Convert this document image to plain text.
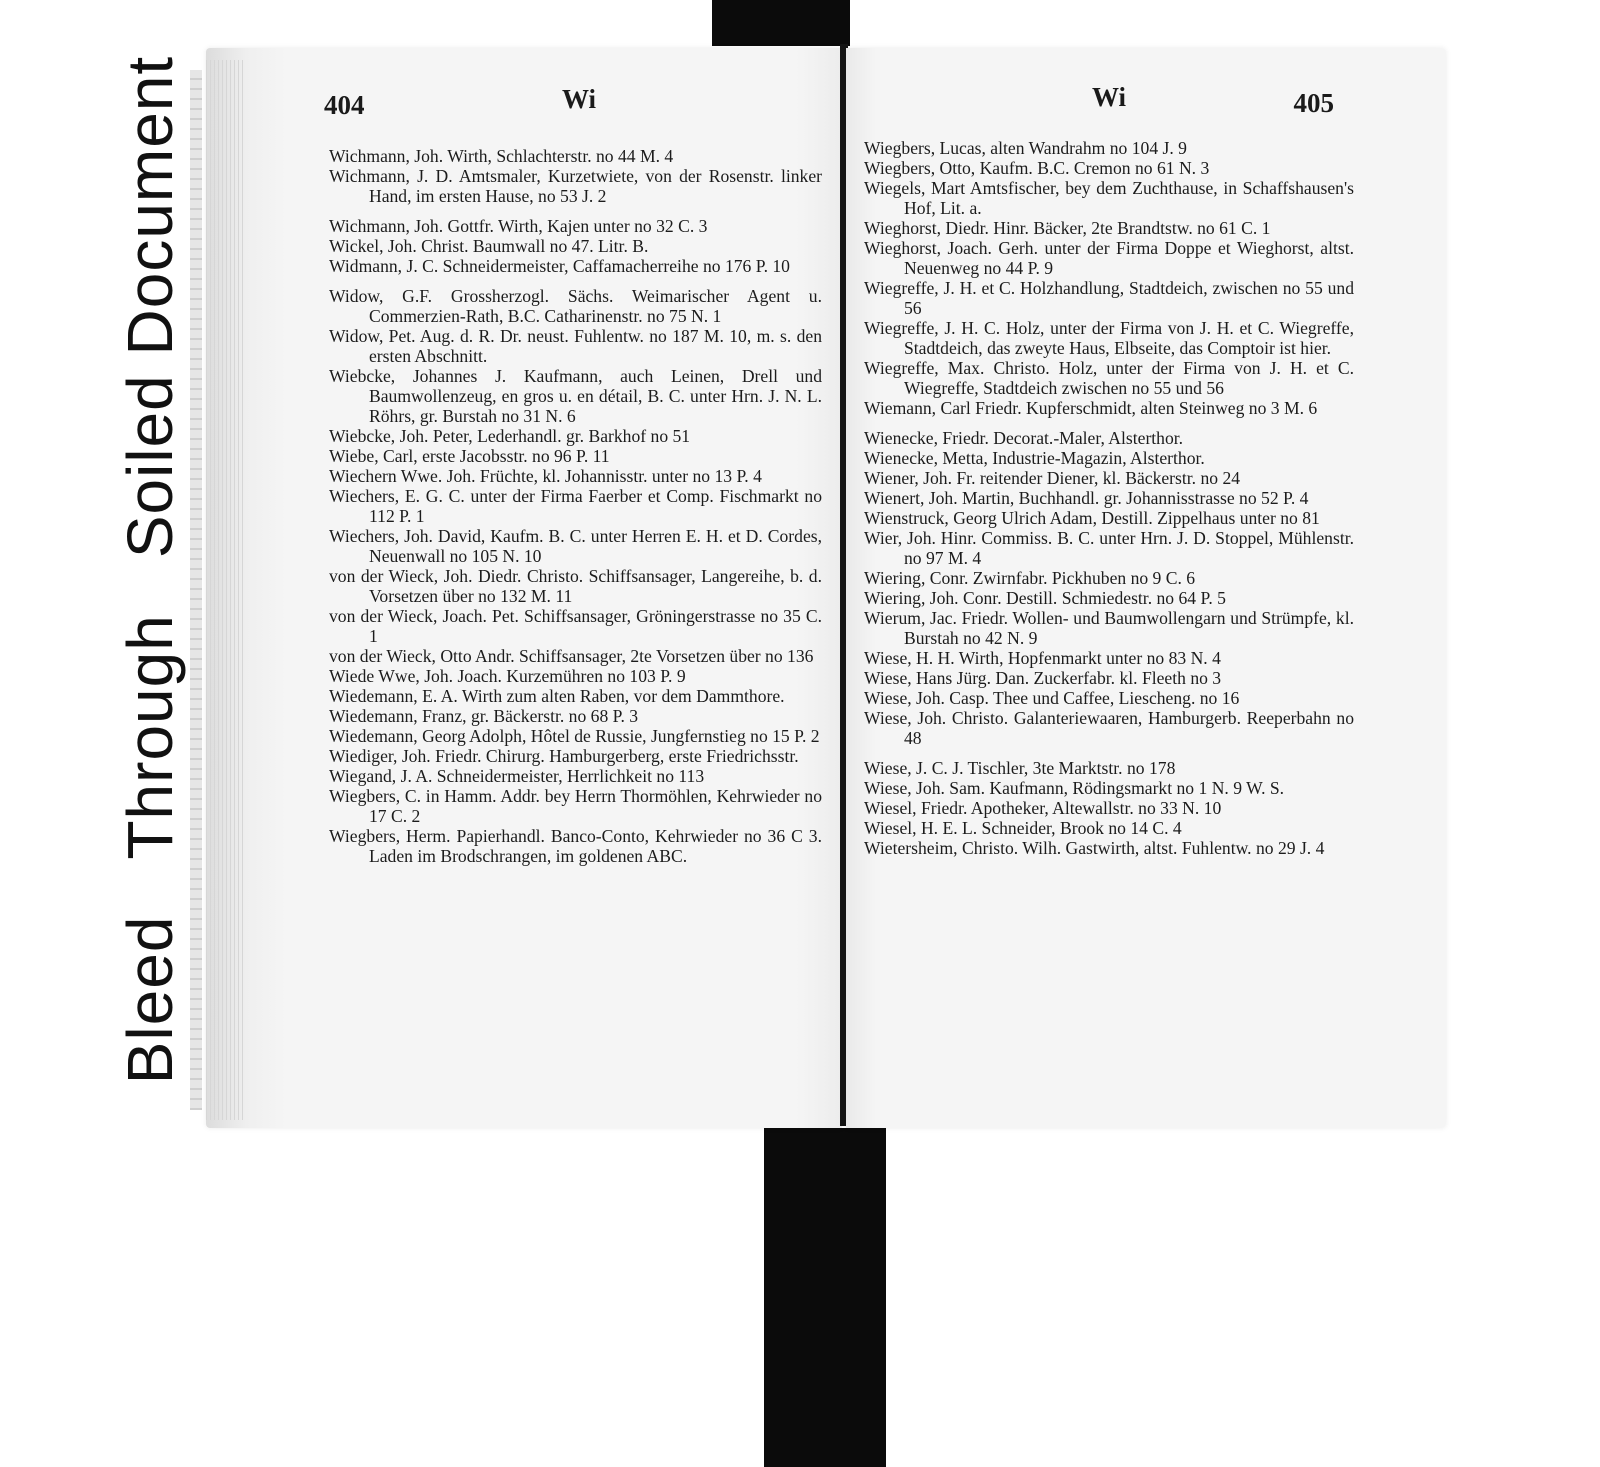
BleedThroughSoiled Document	404	Wi

Wichmann, Joh. Wirth, Schlachterstr. no 44 M. 4

Wichmann, J. D. Amtsmaler, Kurzetwiete, von der Rosenstr. linker Hand, im ersten Hause, no 53 J. 2

Wichmann, Joh. Gottfr. Wirth, Kajen unter no 32 C. 3

Wickel, Joh. Christ. Baumwall no 47. Litr. B.

Widmann, J. C. Schneidermeister, Caffamacherreihe no 176 P. 10

Widow, G.F. Grossherzogl. Sächs. Weimarischer Agent u. Commerzien-Rath, B.C. Catharinenstr. no 75 N. 1

Widow, Pet. Aug. d. R. Dr. neust. Fuhlentw. no 187 M. 10, m. s. den ersten Abschnitt.

Wiebcke, Johannes J. Kaufmann, auch Leinen, Drell und Baumwollenzeug, en gros u. en détail, B. C. unter Hrn. J. N. L. Röhrs, gr. Burstah no 31 N. 6

Wiebcke, Joh. Peter, Lederhandl. gr. Barkhof no 51

Wiebe, Carl, erste Jacobsstr. no 96 P. 11

Wiechern Wwe. Joh. Früchte, kl. Johannisstr. unter no 13 P. 4

Wiechers, E. G. C. unter der Firma Faerber et Comp. Fischmarkt no 112 P. 1

Wiechers, Joh. David, Kaufm. B. C. unter Herren E. H. et D. Cordes, Neuenwall no 105 N. 10

von der Wieck, Joh. Diedr. Christo. Schiffsansager, Langereihe, b. d. Vorsetzen über no 132 M. 11

von der Wieck, Joach. Pet. Schiffsansager, Gröningerstrasse no 35 C. 1

von der Wieck, Otto Andr. Schiffsansager, 2te Vorsetzen über no 136

Wiede Wwe, Joh. Joach. Kurzemühren no 103 P. 9

Wiedemann, E. A. Wirth zum alten Raben, vor dem Dammthore.

Wiedemann, Franz, gr. Bäckerstr. no 68 P. 3

Wiedemann, Georg Adolph, Hôtel de Russie, Jungfernstieg no 15 P. 2

Wiediger, Joh. Friedr. Chirurg. Hamburgerberg, erste Friedrichsstr.

Wiegand, J. A. Schneidermeister, Herrlichkeit no 113

Wiegbers, C. in Hamm. Addr. bey Herrn Thormöhlen, Kehrwieder no 17 C. 2

Wiegbers, Herm. Papierhandl. Banco-Conto, Kehrwieder no 36 C 3. Laden im Brodschrangen, im goldenen ABC.

Wi	405

Wiegbers, Lucas, alten Wandrahm no 104 J. 9

Wiegbers, Otto, Kaufm. B.C. Cremon no 61 N. 3

Wiegels, Mart Amtsfischer, bey dem Zuchthause, in Schaffshausen's Hof, Lit. a.

Wieghorst, Diedr. Hinr. Bäcker, 2te Brandtstw. no 61 C. 1

Wieghorst, Joach. Gerh. unter der Firma Doppe et Wieghorst, altst. Neuenweg no 44 P. 9

Wiegreffe, J. H. et C. Holzhandlung, Stadtdeich, zwischen no 55 und 56

Wiegreffe, J. H. C. Holz, unter der Firma von J. H. et C. Wiegreffe, Stadtdeich, das zweyte Haus, Elbseite, das Comptoir ist hier.

Wiegreffe, Max. Christo. Holz, unter der Firma von J. H. et C. Wiegreffe, Stadtdeich zwischen no 55 und 56

Wiemann, Carl Friedr. Kupferschmidt, alten Steinweg no 3 M. 6

Wienecke, Friedr. Decorat.-Maler, Alsterthor.

Wienecke, Metta, Industrie-Magazin, Alsterthor.

Wiener, Joh. Fr. reitender Diener, kl. Bäckerstr. no 24

Wienert, Joh. Martin, Buchhandl. gr. Johannisstrasse no 52 P. 4

Wienstruck, Georg Ulrich Adam, Destill. Zippelhaus unter no 81

Wier, Joh. Hinr. Commiss. B. C. unter Hrn. J. D. Stoppel, Mühlenstr. no 97 M. 4

Wiering, Conr. Zwirnfabr. Pickhuben no 9 C. 6

Wiering, Joh. Conr. Destill. Schmiedestr. no 64 P. 5

Wierum, Jac. Friedr. Wollen- und Baumwollengarn und Strümpfe, kl. Burstah no 42 N. 9

Wiese, H. H. Wirth, Hopfenmarkt unter no 83 N. 4

Wiese, Hans Jürg. Dan. Zuckerfabr. kl. Fleeth no 3

Wiese, Joh. Casp. Thee und Caffee, Liescheng. no 16

Wiese, Joh. Christo. Galanteriewaaren, Hamburgerb. Reeperbahn no 48

Wiese, J. C. J. Tischler, 3te Marktstr. no 178

Wiese, Joh. Sam. Kaufmann, Rödingsmarkt no 1 N. 9 W. S.

Wiesel, Friedr. Apotheker, Altewallstr. no 33 N. 10

Wiesel, H. E. L. Schneider, Brook no 14 C. 4

Wietersheim, Christo. Wilh. Gastwirth, altst. Fuhlentw. no 29 J. 4
